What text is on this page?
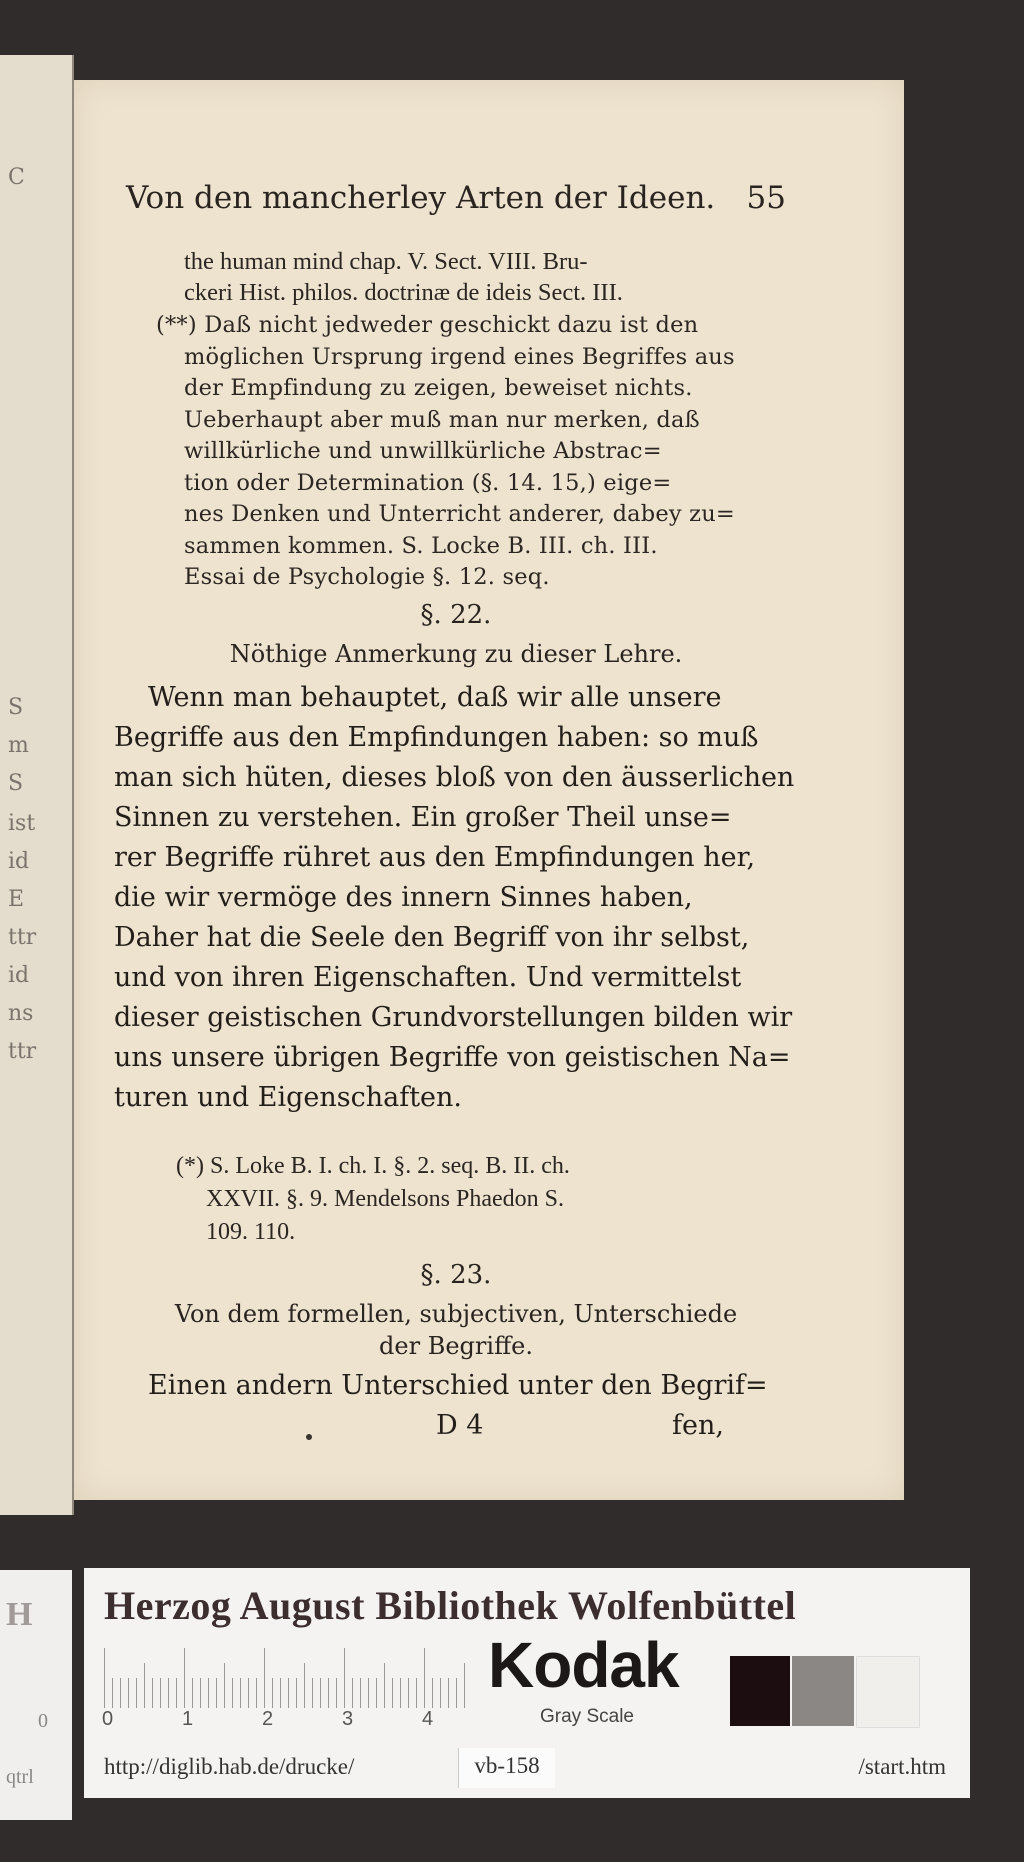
C
S
m
S
ist
id
E
ttr
id
ns
ttr
H
0
qtrl
Von den mancherley Arten der Ideen. 55

the human mind chap. V. Sect. VIII. Bru-

ckeri Hist. philos. doctrinæ de ideis Sect. III.

(**) Daß nicht jedweder geschickt dazu ist den

möglichen Ursprung irgend eines Begriffes aus

der Empfindung zu zeigen, beweiset nichts.

Ueberhaupt aber muß man nur merken, daß

willkürliche und unwillkürliche Abstrac=

tion oder Determination (§. 14. 15,) eige=

nes Denken und Unterricht anderer, dabey zu=

sammen kommen. S. Locke B. III. ch. III.

Essai de Psychologie §. 12. seq.

§. 22.
Nöthige Anmerkung zu dieser Lehre.

Wenn man behauptet, daß wir alle unsere

Begriffe aus den Empfindungen haben: so muß

man sich hüten, dieses bloß von den äusserlichen

Sinnen zu verstehen. Ein großer Theil unse=

rer Begriffe rühret aus den Empfindungen her,

die wir vermöge des innern Sinnes haben,

Daher hat die Seele den Begriff von ihr selbst,

und von ihren Eigenschaften. Und vermittelst

dieser geistischen Grundvorstellungen bilden wir

uns unsere übrigen Begriffe von geistischen Na=

turen und Eigenschaften.

(*) S. Loke B. I. ch. I. §. 2. seq. B. II. ch.

XXVII. §. 9. Mendelsons Phaedon S.

109. 110.

§. 23.
Von dem formellen, subjectiven, Unterschiede
der Begriffe.
Einen andern Unterschied unter den Begrif=
D 4	fen,
Herzog August Bibliothek Wolfenbüttel
0	1	2	3	4
Kodak
Gray Scale
http://diglib.hab.de/drucke/	vb-158	/start.htm
